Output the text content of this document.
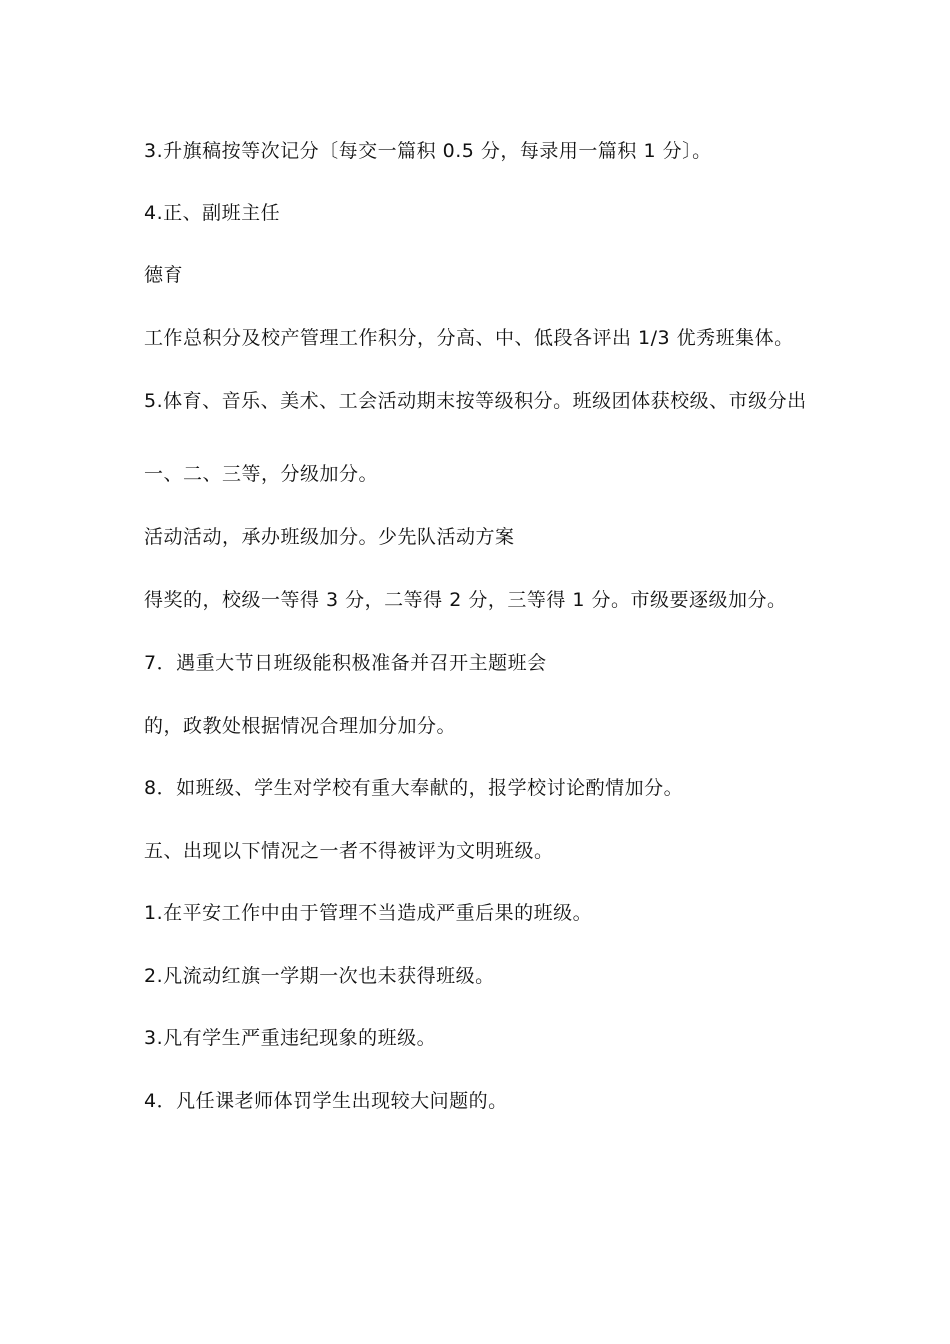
3.升旗稿按等次记分〔每交一篇积 0.5 分，每录用一篇积 1 分〕。
4.正、副班主任
德育
工作总积分及校产管理工作积分，分高、中、低段各评出 1/3 优秀班集体。
5.体育、音乐、美术、工会活动期末按等级积分。班级团体获校级、市级分出
一、二、三等，分级加分。
活动活动，承办班级加分。少先队活动方案
得奖的，校级一等得 3 分，二等得 2 分，三等得 1 分。市级要逐级加分。
7．遇重大节日班级能积极准备并召开主题班会
的，政教处根据情况合理加分加分。
8．如班级、学生对学校有重大奉献的，报学校讨论酌情加分。
五、出现以下情况之一者不得被评为文明班级。
1.在平安工作中由于管理不当造成严重后果的班级。
2.凡流动红旗一学期一次也未获得班级。
3.凡有学生严重违纪现象的班级。
4．凡任课老师体罚学生出现较大问题的。
